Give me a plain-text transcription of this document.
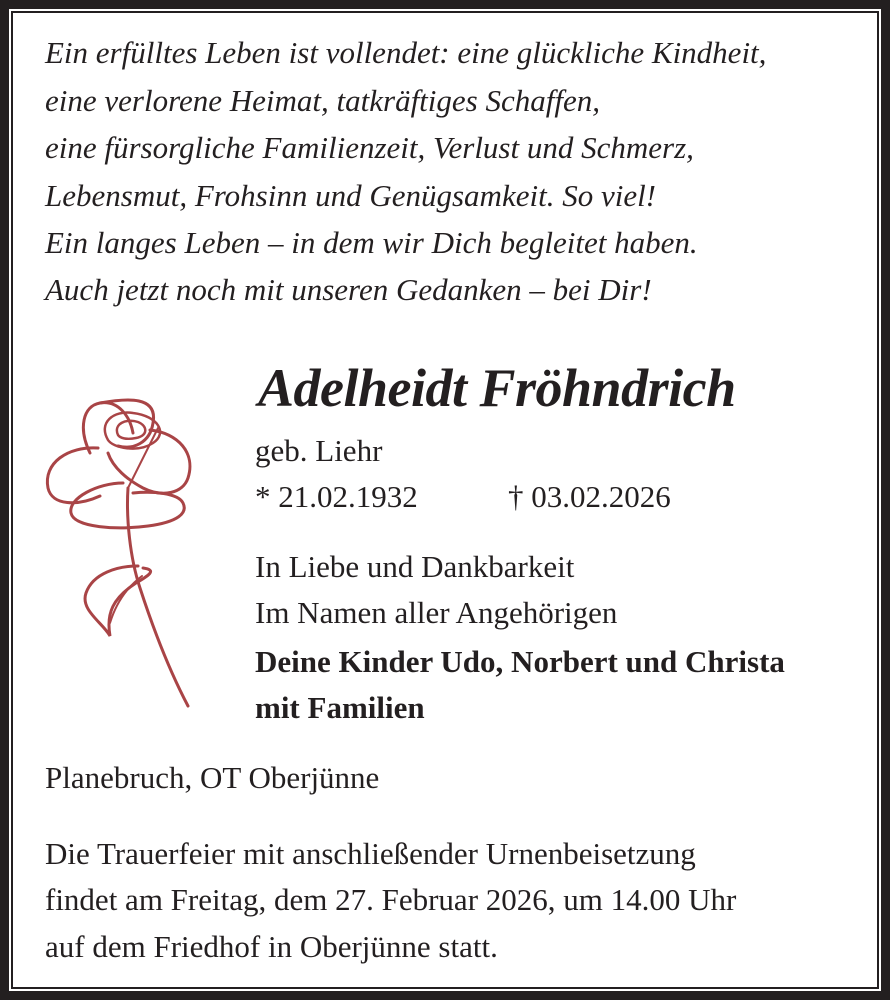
Ein erfülltes Leben ist vollendet: eine glückliche Kindheit,
eine verlorene Heimat, tatkräftiges Schaffen,
eine fürsorgliche Familienzeit, Verlust und Schmerz,
Lebensmut, Frohsinn und Genügsamkeit. So viel!
Ein langes Leben – in dem wir Dich begleitet haben.
Auch jetzt noch mit unseren Gedanken – bei Dir!
Adelheidt Fröhndrich
geb. Liehr
* 21.02.1932	† 03.02.2026
In Liebe und Dankbarkeit
Im Namen aller Angehörigen
Deine Kinder Udo, Norbert und Christa
mit Familien
Planebruch, OT Oberjünne
Die Trauerfeier mit anschließender Urnenbeisetzung
findet am Freitag, dem 27. Februar 2026, um 14.00 Uhr
auf dem Friedhof in Oberjünne statt.
